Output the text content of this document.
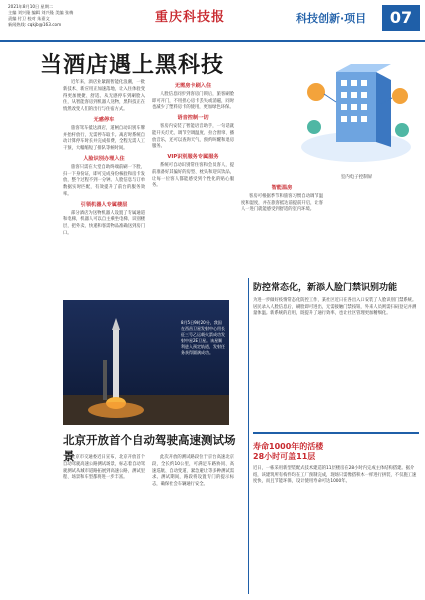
2021年8月10日 星期二
主编 刘兴隆 编辑 刘兴隆 美编 张梅
责编 付卫 校对 朱嘉文
新闻热线: cqkjb@163.com	重庆科技报	科技创新·项目	07
当酒店遇上黑科技

近年来，酒店业紧跟智能化浪潮，一批新技术、新应用正加速落地，让入住体验变得更加便捷、舒适。从无感停车到刷脸入住，从智能客房到机器人送物，黑科技正在悄然改变人们的出行与住宿方式。

无感停车

旅客驾车抵达酒店，道闸自动识别车牌并抬杆放行，无需停车取卡。离店时系统自动计算停车时长并完成扣费，全程无需人工干预，大幅缩短了排队等候时间。

人脸识别办理入住

旅客只需在大堂自助终端前刷一下脸、扫一下身份证，即可完成身份核验和房卡发放，整个过程不到一分钟。人脸信息与订单数据实时匹配，有效提升了前台的服务效率。

引领机器人专属楼层

部分酒店为送物机器人设置了专属通道和电梯，机器人可以自主乘坐电梯、识别楼层，把外卖、快递和客需物品准确送到房门口。

无需房卡刷入住

人脸信息同步到客房门锁后，旅客刷脸即可开门，不用担心房卡丢失或消磁，同时也减少了塑料房卡的使用，更加绿色环保。

语音控制一切

客房内安装了智能语音助手，一句话就能开关灯光、调节空调温度、拉合窗帘、播放音乐，还可以查询天气、预约叫醒和退房服务。

VIP识别服务专属服务

系统可自动识别常住客和会员客人，提前准备好其偏好的房型、枕头和迎宾饮品，让每一位客人都能感受到个性化的贴心服务。

室内电子控制屏
智能温房

客房可根据季节和旅客习惯自动调节温度和湿度，并在旅客抵达前提前开启，让客人一进门就能感受到舒适的室内环境。

防控常态化，新添人脸门禁识别功能
为进一步做好疫情常态化防控工作，某社区近日在各出入口安装了人脸识别门禁系统。居民录入人脸信息后，刷脸即可进出，无需接触门禁按钮，外来人员则需扫码登记并测量体温。新系统的启用，既提升了通行效率，也让社区管理更加精细化。
寿命1000年的活楼
28小时可盖11层
近日，一栋采用新型装配式技术建造的11层楼房在28小时内完成主体结构搭建。据介绍，该建筑所有构件均在工厂预制完成，现场只需像搭积木一样进行拼装，不仅施工速度快，而且节能环保，设计使用寿命可达1000年。
8月5日9时20分，我国在西昌卫星发射中心用长征三号乙运载火箭成功发射中星2E卫星。该星顺利进入预定轨道，发射任务获得圆满成功。
北京开放首个自动驾驶高速测试场景

北京市交通委近日宣布，北京开放首个自动驾驶高速公路测试场景，标志着自动驾驶测试从城市道路拓展到高速公路，测试里程、场景和车型都将进一步丰富。

此次开放的测试路段位于京台高速北京段，全长约10公里，可满足车路协同、高速巡航、自动变道、紧急避让等多种测试需求。测试期间，路段将设置专门的提示标志，确保社会车辆通行安全。
